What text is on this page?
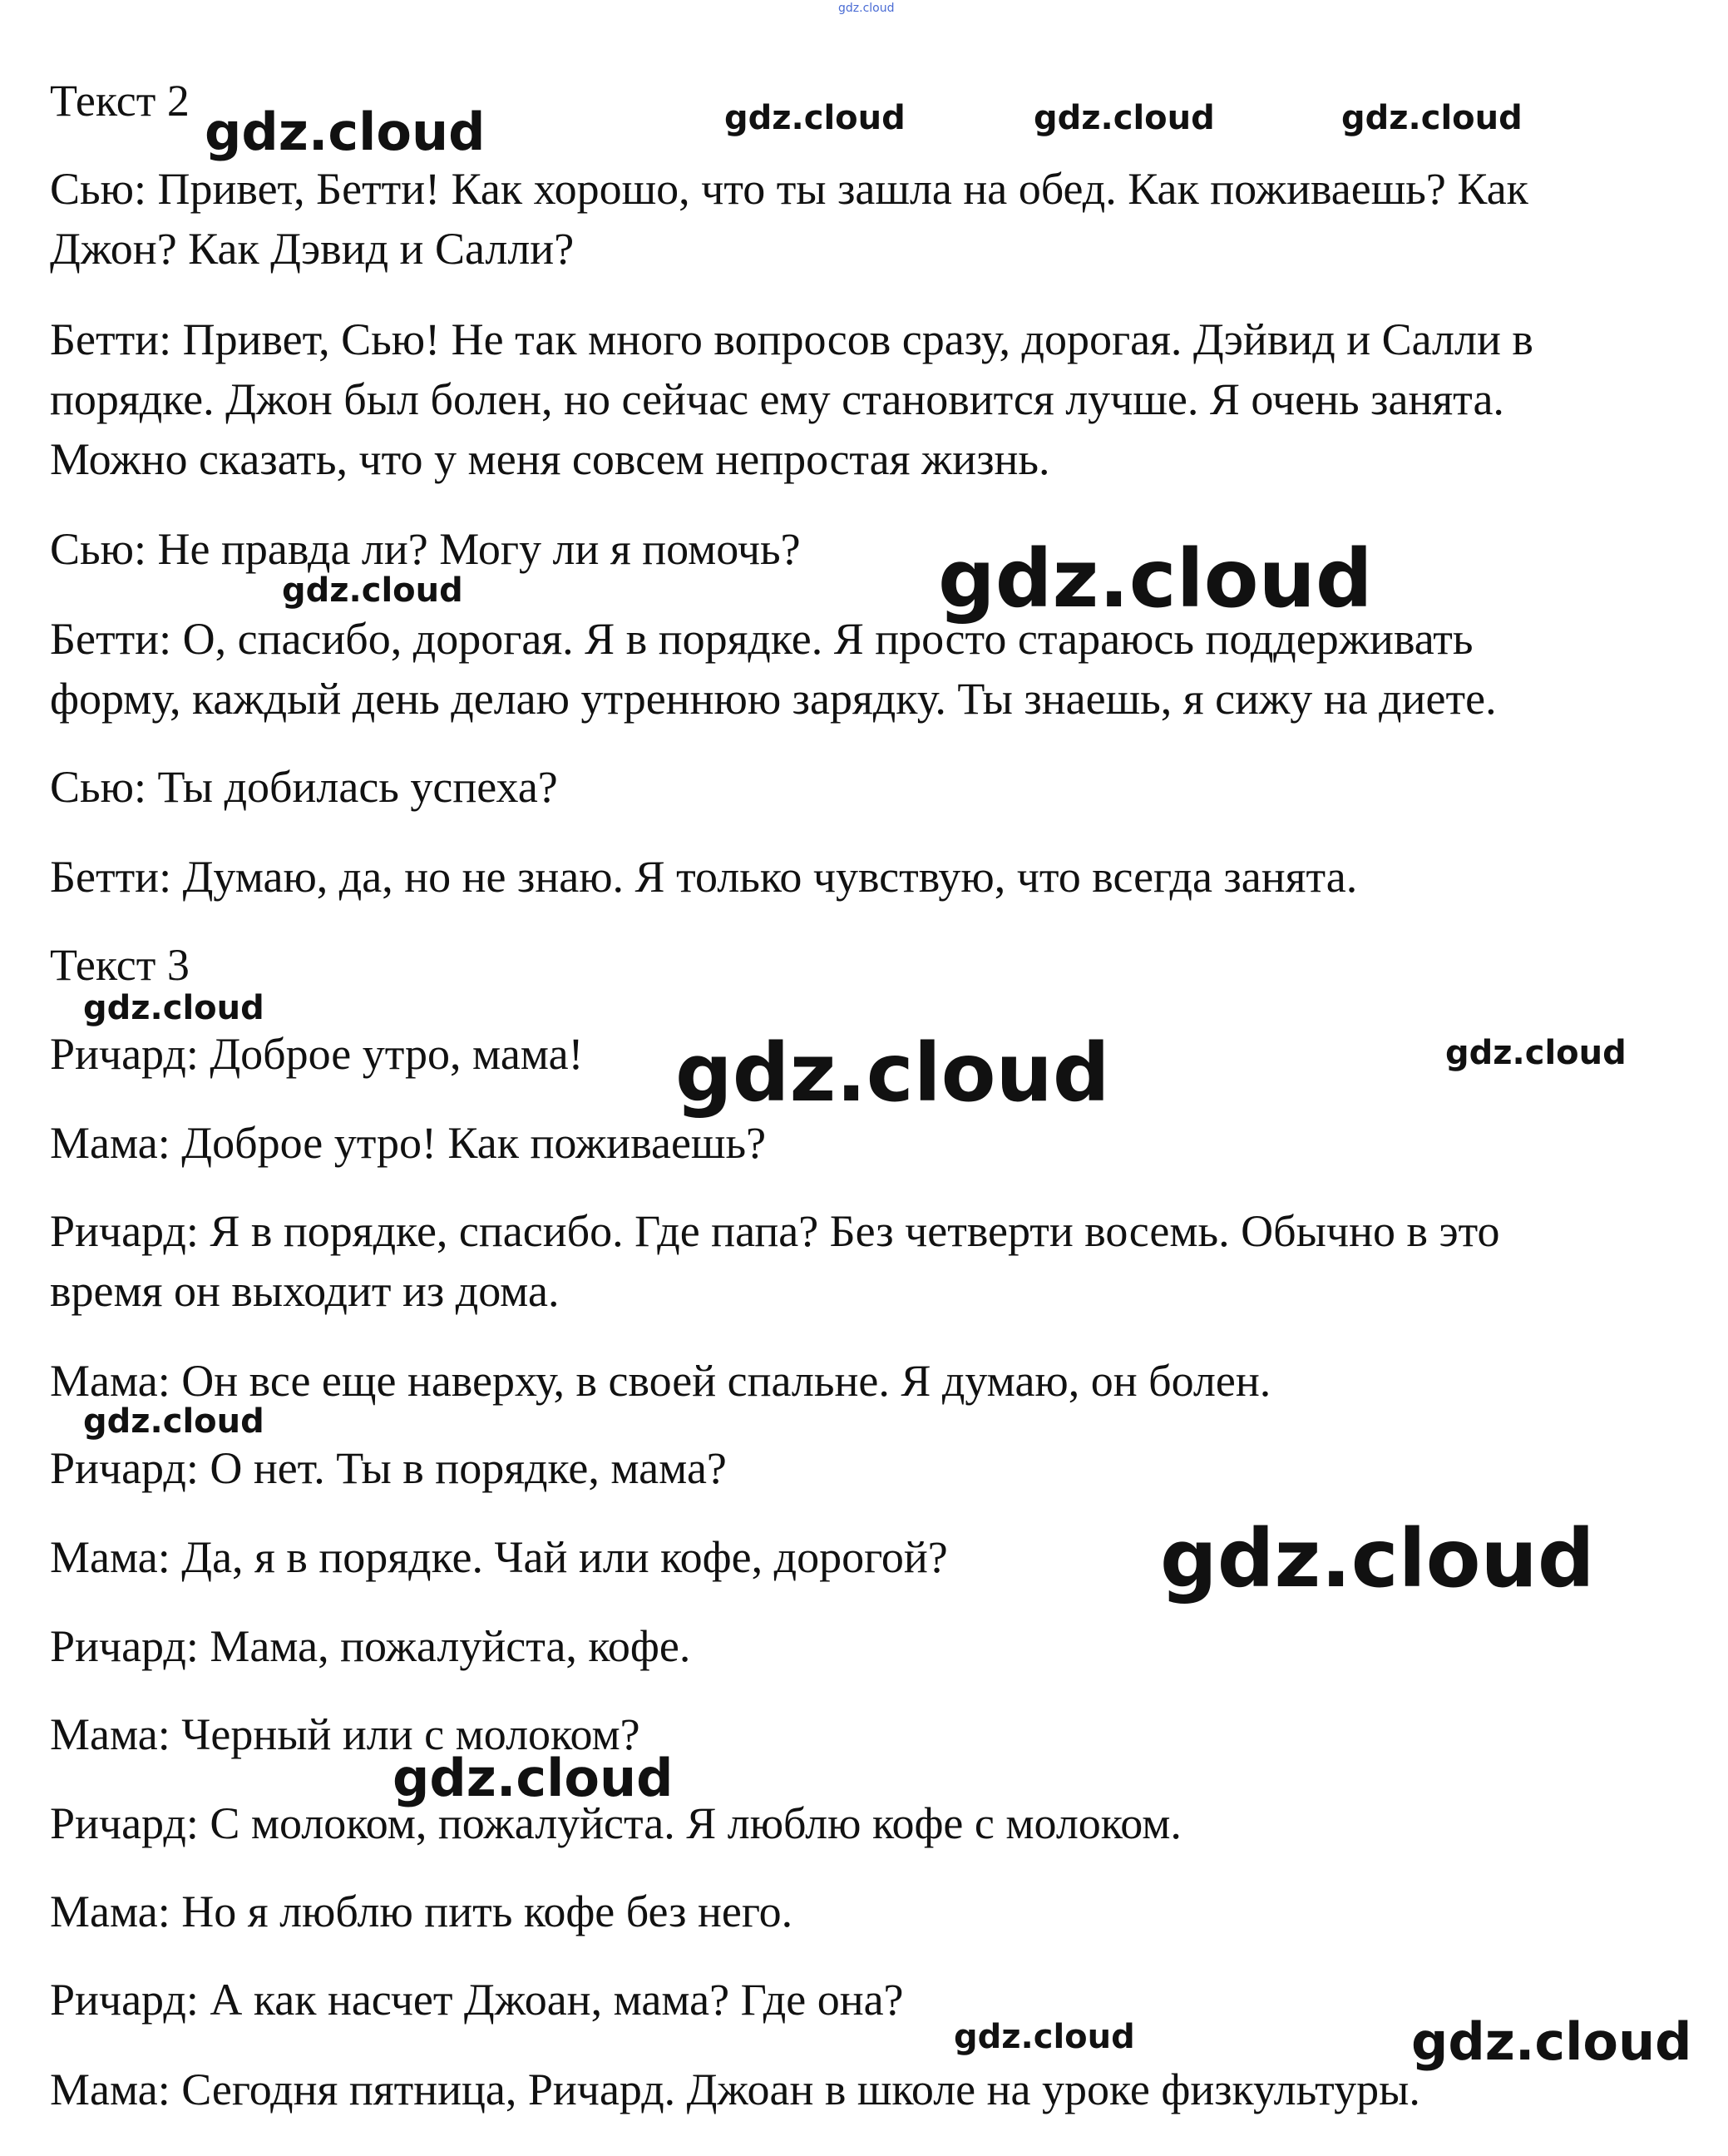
gdz.cloud

Текст 2

Сью: Привет, Бетти! Как хорошо, что ты зашла на обед. Как поживаешь? Как

Джон? Как Дэвид и Салли?

Бетти: Привет, Сью! Не так много вопросов сразу, дорогая. Дэйвид и Салли в

порядке. Джон был болен, но сейчас ему становится лучше. Я очень занята.

Можно сказать, что у меня совсем непростая жизнь.

Сью: Не правда ли? Могу ли я помочь?

Бетти: О, спасибо, дорогая. Я в порядке. Я просто стараюсь поддерживать

форму, каждый день делаю утреннюю зарядку. Ты знаешь, я сижу на диете.

Сью: Ты добилась успеха?

Бетти: Думаю, да, но не знаю. Я только чувствую, что всегда занята.

Текст 3

Ричард: Доброе утро, мама!

Мама: Доброе утро! Как поживаешь?

Ричард: Я в порядке, спасибо. Где папа? Без четверти восемь. Обычно в это

время он выходит из дома.

Мама: Он все еще наверху, в своей спальне. Я думаю, он болен.

Ричард: О нет. Ты в порядке, мама?

Мама: Да, я в порядке. Чай или кофе, дорогой?

Ричард: Мама, пожалуйста, кофе.

Мама: Черный или с молоком?

Ричард: С молоком, пожалуйста. Я люблю кофе с молоком.

Мама: Но я люблю пить кофе без него.

Ричард: А как насчет Джоан, мама? Где она?

Мама: Сегодня пятница, Ричард. Джоан в школе на уроке физкультуры.

gdz.cloud	gdz.cloud	gdz.cloud	gdz.cloud
gdz.cloud
gdz.cloud
gdz.cloud
gdz.cloud	gdz.cloud
gdz.cloud
gdz.cloud
gdz.cloud
gdz.cloud	gdz.cloud
